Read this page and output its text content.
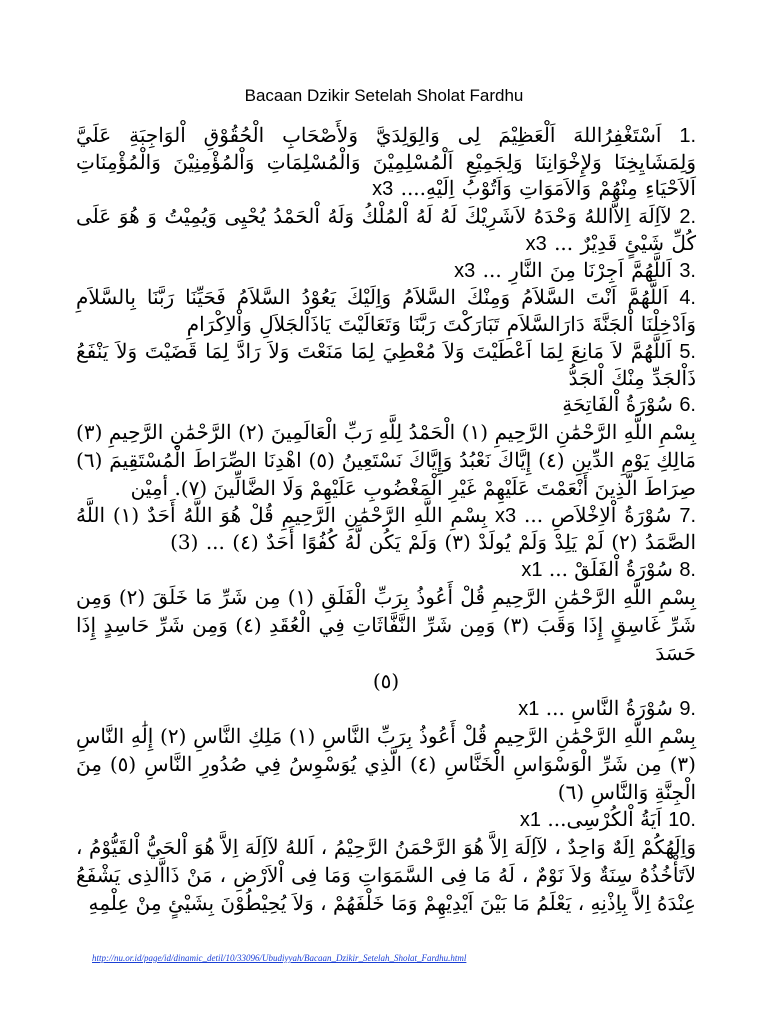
Bacaan Dzikir Setelah Sholat Fardhu

1. اَسْتَغْفِرُاللهَ اَلْعَظِيْمَ لِى وَالِوَلِدَيَّ وَلأَصْحَابِ الْحُقُوْقِ اْلوَاجِبَةِ عَلَيَّ وَلِمَشَايِخِنَا وَلإِخْوَانِنَا وَلِجَمِيْعِ اَلْمُسْلِمِيْنَ وَالْمُسْلِمَاتِ وَاْلمُؤْمِنِيْنَ وَالْمُؤْمِنَاتِ اَلاَحْيَاءِ مِنْهُمْ وَالاَمَوَاتِ وَاَتُوْبُ اِلَيْهِ.... x3

2. لآاِلَهَ اِلاَّاللهُ وَحْدَهُ لاَشَرِيْكَ لَهُ لَهُ اْلمُلْكُ وَلَهُ اْلحَمْدُ يُحْيِى وَيُمِيْتُ وَ هُوَ عَلَى كُلِّ شَيْئٍ قَدِيْرٌ ... x3

3. اَللَّهُمَّ اَجِرْنَا مِنَ النَّارِ ... x3

4. اَللَّهُمَّ اَنْتَ السَّلاَمُ وَمِنْكَ السَّلاَمُ وَاِلَيْكَ يَعُوْدُ السَّلاَمُ فَحَيِّنَا رَبَّنَا بِالسَّلاَمِ وَاَدْخِلْنَا اْلجَنَّةَ دَارَالسَّلاَمِ تَبَارَكْتَ رَبَّنَا وَتَعَالَيْتَ يَاذَاْلجَلاَلِ وَاْلاِكْرَامِ

5. اَللَّهُمَّ لاَ مَانِعَ لِمَا اَعْطَيْتَ وَلاَ مُعْطِيَ لِمَا مَنَعْتَ وَلاَ رَادَّ لِمَا قَضَيْتَ وَلاَ يَنْفَعُ ذَاْلجَدِّ مِنْكَ اْلجَدُّ

6. سُوْرَةُ اْلفَاتِحَةِ

بِسْمِ اللَّهِ الرَّحْمَٰنِ الرَّحِيمِ (١) الْحَمْدُ لِلَّهِ رَبِّ الْعَالَمِينَ (٢) الرَّحْمَٰنِ الرَّحِيمِ (٣) مَالِكِ يَوْمِ الدِّينِ (٤) إِيَّاكَ نَعْبُدُ وَإِيَّاكَ نَسْتَعِينُ (٥) اهْدِنَا الصِّرَاطَ الْمُسْتَقِيمَ (٦) صِرَاطَ الَّذِينَ أَنْعَمْتَ عَلَيْهِمْ غَيْرِ الْمَغْضُوبِ عَلَيْهِمْ وَلَا الضَّالِّينَ (٧). أمِيْن

7. سُوْرَةُ اْلاِخْلاَصِ ... x3 بِسْمِ اللَّهِ الرَّحْمَٰنِ الرَّحِيمِ قُلْ هُوَ اللَّهُ أَحَدٌ (١) اللَّهُ الصَّمَدُ (٢) لَمْ يَلِدْ وَلَمْ يُولَدْ (٣) وَلَمْ يَكُن لَّهُ كُفُوًا أَحَدٌ (٤) ... (3)

8. سُوْرَةُ اْلفَلَقْ ... x1

بِسْمِ اللَّهِ الرَّحْمَٰنِ الرَّحِيمِ قُلْ أَعُوذُ بِرَبِّ الْفَلَقِ (١) مِن شَرِّ مَا خَلَقَ (٢) وَمِن شَرِّ غَاسِقٍ إِذَا وَقَبَ (٣) وَمِن شَرِّ النَّفَّاثَاتِ فِي الْعُقَدِ (٤) وَمِن شَرِّ حَاسِدٍ إِذَا حَسَدَ

(٥)

9. سُوْرَةُ النَّاسِ ... x1

بِسْمِ اللَّهِ الرَّحْمَٰنِ الرَّحِيمِ قُلْ أَعُوذُ بِرَبِّ النَّاسِ (١) مَلِكِ النَّاسِ (٢) إِلَٰهِ النَّاسِ (٣) مِن شَرِّ الْوَسْوَاسِ الْخَنَّاسِ (٤) الَّذِي يُوَسْوِسُ فِي صُدُورِ النَّاسِ (٥) مِنَ الْجِنَّةِ وَالنَّاسِ (٦)

10. اَيَةُ اْلكُرْسِى... x1

وَاِلَهُكُمْ اِلَهٌ وَاحِدٌ ، لآاِلَهَ اِلاَّ هُوَ الرَّحْمَنُ الرَّحِيْمُ ، اَللهُ لآاِلَهَ اِلاَّ هُوَ اْلحَيُّ اْلقَيُّوْمُ ، لاَتَأْخُذُهُ سِنَةٌ وَلاَ نَوْمٌ ، لَهُ مَا فِى السَّمَوَاتِ وَمَا فِى اْلاَرْضِ ، مَنْ ذَااَّلذِى يَشْفَعُ عِنْدَهُ اِلاَّ بِاِذْنِهِ ، يَعْلَمُ مَا بَيْنَ اَيْدِيْهِمْ وَمَا خَلْفَهُمْ ، وَلاَ يُحِيْطُوْنَ بِشَيْئٍ مِنْ عِلْمِهِ

http://nu.or.id/page/id/dinamic_detil/10/33096/Ubudiyyah/Bacaan_Dzikir_Setelah_Sholat_Fardhu.html
